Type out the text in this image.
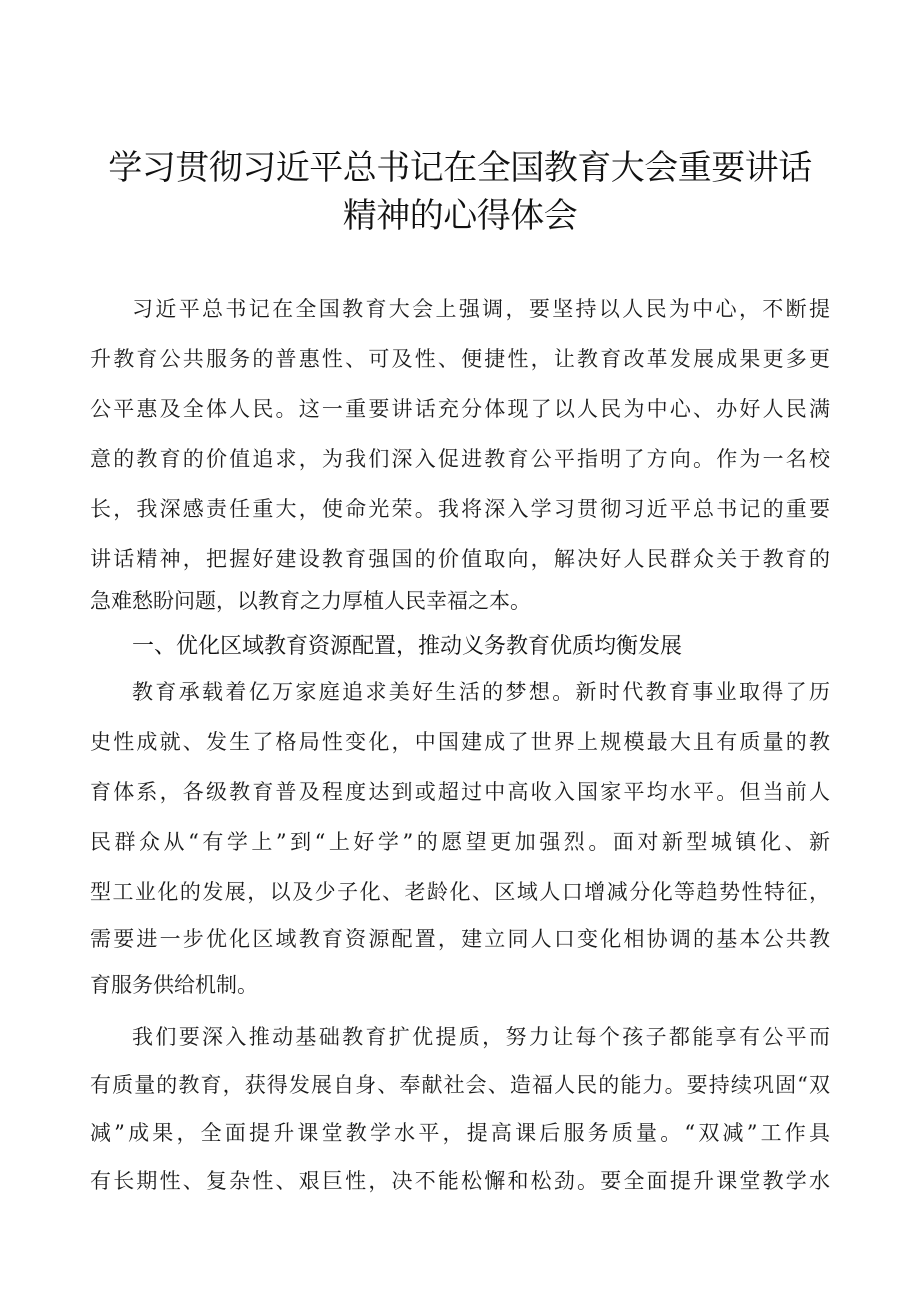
学习贯彻习近平总书记在全国教育大会重要讲话
精神的心得体会
习近平总书记在全国教育大会上强调，要坚持以人民为中心，不断提
升教育公共服务的普惠性、可及性、便捷性，让教育改革发展成果更多更
公平惠及全体人民。这一重要讲话充分体现了以人民为中心、办好人民满
意的教育的价值追求，为我们深入促进教育公平指明了方向。作为一名校
长，我深感责任重大，使命光荣。我将深入学习贯彻习近平总书记的重要
讲话精神，把握好建设教育强国的价值取向，解决好人民群众关于教育的
急难愁盼问题，以教育之力厚植人民幸福之本。
一、优化区域教育资源配置，推动义务教育优质均衡发展
教育承载着亿万家庭追求美好生活的梦想。新时代教育事业取得了历
史性成就、发生了格局性变化，中国建成了世界上规模最大且有质量的教
育体系，各级教育普及程度达到或超过中高收入国家平均水平。但当前人
民群众从“有学上”到“上好学”的愿望更加强烈。面对新型城镇化、新
型工业化的发展，以及少子化、老龄化、区域人口增减分化等趋势性特征，
需要进一步优化区域教育资源配置，建立同人口变化相协调的基本公共教
育服务供给机制。
我们要深入推动基础教育扩优提质，努力让每个孩子都能享有公平而
有质量的教育，获得发展自身、奉献社会、造福人民的能力。要持续巩固“双
减”成果，全面提升课堂教学水平，提高课后服务质量。“双减”工作具
有长期性、复杂性、艰巨性，决不能松懈和松劲。要全面提升课堂教学水
